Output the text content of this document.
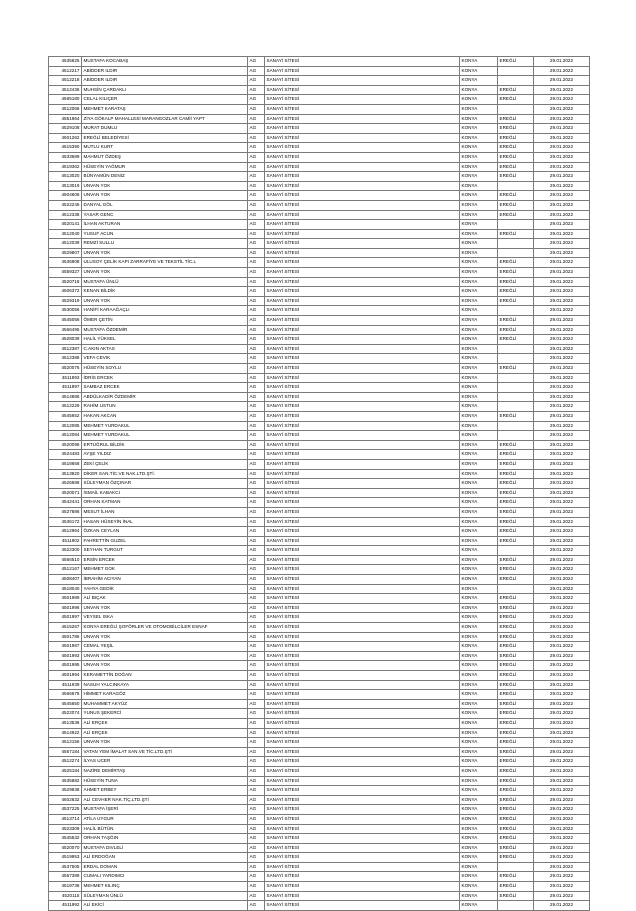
4535825	MUSTAFA KOCABAŞ	AG	SANAYİ SİTESİ	KONYA	EREĞLİ	29.01.2022
4512217	ABİDDER ILDIR	AG	SANAYİ SİTESİ	KONYA		29.01.2022
4512218	ABİDDER ILDIR	AG	SANAYİ SİTESİ	KONYA		29.01.2022
4512436	MUHSİN ÇARDAKLI	AG	SANAYİ SİTESİ	KONYA	EREĞLİ	29.01.2022
4565180	CELAL KILIÇER	AG	SANAYİ SİTESİ	KONYA	EREĞLİ	29.01.2022
4512066	MEHMET KARATAŞ	AG	SANAYİ SİTESİ	KONYA		29.01.2022
4551964	ZİYA GÖKALP MAHALLESİ MARANGOZLAR CAMİİ YAPT	AG	SANAYİ SİTESİ	KONYA	EREĞLİ	29.01.2022
4529108	MURAT DUMLU	AG	SANAYİ SİTESİ	KONYA	EREĞLİ	29.01.2022
4601262	EREĞLİ BELEDİYESİ	AG	SANAYİ SİTESİ	KONYA	EREĞLİ	29.01.2022
4515390	MUTLU KURT	AG	SANAYİ SİTESİ	KONYA	EREĞLİ	29.01.2022
4533689	MAHMUT ÖZDEŞ	AG	SANAYİ SİTESİ	KONYA	EREĞLİ	29.01.2022
4519362	HÜSEYİN YAĞMUR	AG	SANAYİ SİTESİ	KONYA	EREĞLİ	29.01.2022
4513020	BÜNYAMÜN DENİZ	AG	SANAYİ SİTESİ	KONYA	EREĞLİ	29.01.2022
4513019	UNVAN YOK	AG	SANAYİ SİTESİ	KONYA		29.01.2022
4504606	UNVAN YOK	AG	SANAYİ SİTESİ	KONYA	EREĞLİ	29.01.2022
4522245	DANYAL GÖL	AG	SANAYİ SİTESİ	KONYA	EREĞLİ	29.01.2022
4512338	YASAR GENC	AG	SANAYİ SİTESİ	KONYA	EREĞLİ	29.01.2022
4520141	İLHAN AKTURAN	AG	SANAYİ SİTESİ	KONYA		29.01.2022
4512040	YUSUF ACUN	AG	SANAYİ SİTESİ	KONYA	EREĞLİ	29.01.2022
4512039	REMZİ SULLU	AG	SANAYİ SİTESİ	KONYA		29.01.2022
4529807	UNVAN YOK	AG	SANAYİ SİTESİ	KONYA		29.01.2022
4536908	ULUSOY ÇELİK KAPI ZARRAFİYE VE TEKSTİL TİC.L	AG	SANAYİ SİTESİ	KONYA	EREĞLİ	29.01.2022
4559327	UNVAN YOK	AG	SANAYİ SİTESİ	KONYA	EREĞLİ	29.01.2022
4520718	MUSTAFA ÜNLÜ	AG	SANAYİ SİTESİ	KONYA	EREĞLİ	29.01.2022
4506372	KENAN BİLDİK	AG	SANAYİ SİTESİ	KONYA	EREĞLİ	29.01.2022
4529319	UNVAN YOK	AG	SANAYİ SİTESİ	KONYA	EREĞLİ	29.01.2022
4530056	HANİFİ KARAAĞAÇLI	AG	SANAYİ SİTESİ	KONYA		29.01.2022
4545056	ÖMER ÇETİN	AG	SANAYİ SİTESİ	KONYA	EREĞLİ	29.01.2022
4566495	MUSTAFA ÖZDEMİR	AG	SANAYİ SİTESİ	KONYA	EREĞLİ	29.01.2022
4528039	HALİL YÜKSEL	AG	SANAYİ SİTESİ	KONYA	EREĞLİ	29.01.2022
4512387	C.AKIN AKTAS	AG	SANAYİ SİTESİ	KONYA		29.01.2022
4512388	VEFA CEVIK	AG	SANAYİ SİTESİ	KONYA		29.01.2022
4520076	HÜSEYİN SOYLU	AG	SANAYİ SİTESİ	KONYA	EREĞLİ	29.01.2022
4511893	İDRİS ERCEK	AG	SANAYİ SİTESİ	KONYA		29.01.2022
4511897	SAMBAZ ERCEK	AG	SANAYİ SİTESİ	KONYA		29.01.2022
4514886	ABDÜLKADİR ÖZDEMİR	AG	SANAYİ SİTESİ	KONYA		29.01.2022
4512229	RAHİM USTUN	AG	SANAYİ SİTESİ	KONYA		29.01.2022
4545652	HAKAN AKCAN	AG	SANAYİ SİTESİ	KONYA	EREĞLİ	29.01.2022
4512085	MEHMET YURDAKUL	AG	SANAYİ SİTESİ	KONYA		29.01.2022
4512084	MEHMET YURDAKUL	AG	SANAYİ SİTESİ	KONYA		29.01.2022
4520098	ERTUĞRUL BİLDİK	AG	SANAYİ SİTESİ	KONYA	EREĞLİ	29.01.2022
4524483	AYŞE YILDIZ	AG	SANAYİ SİTESİ	KONYA	EREĞLİ	29.01.2022
4518658	ZEKİ ÇELİK	AG	SANAYİ SİTESİ	KONYA	EREĞLİ	29.01.2022
4513820	DİKER SAN.TİC.VE NAK.LTD.ŞTİ.	AG	SANAYİ SİTESİ	KONYA	EREĞLİ	29.01.2022
4526688	SÜLEYMAN ÖZÇINAR	AG	SANAYİ SİTESİ	KONYA	EREĞLİ	29.01.2022
4520071	İSMAİL KABAKCI	AG	SANAYİ SİTESİ	KONYA	EREĞLİ	29.01.2022
4542441	ORHAN KATMAN	AG	SANAYİ SİTESİ	KONYA	EREĞLİ	29.01.2022
4527886	MESUT İLHAN	AG	SANAYİ SİTESİ	KONYA	EREĞLİ	29.01.2022
4536172	HASAN HÜSEYİN İNAL	AG	SANAYİ SİTESİ	KONYA	EREĞLİ	29.01.2022
4512964	ÖZKAN CEYLAN	AG	SANAYİ SİTESİ	KONYA	EREĞLİ	29.01.2022
4511902	FAHRETTİN GUZEL	AG	SANAYİ SİTESİ	KONYA	EREĞLİ	29.01.2022
4522300	SEYHAN TURGUT	AG	SANAYİ SİTESİ	KONYA		29.01.2022
4566510	ERSİN ERCEK	AG	SANAYİ SİTESİ	KONYA	EREĞLİ	29.01.2022
4512167	MEHMET GOK	AG	SANAYİ SİTESİ	KONYA	EREĞLİ	29.01.2022
4508407	İBRAHİM ACIYAN	AG	SANAYİ SİTESİ	KONYA	EREĞLİ	29.01.2022
4518040	YAHYA GEDİK	AG	SANAYİ SİTESİ	KONYA		29.01.2022
4501989	ALİ BIÇAK	AG	SANAYİ SİTESİ	KONYA	EREĞLİ	29.01.2022
4501996	UNVAN YOK	AG	SANAYİ SİTESİ	KONYA	EREĞLİ	29.01.2022
4501997	VEYSEL ISKA	AG	SANAYİ SİTESİ	KONYA	EREĞLİ	29.01.2022
4515267	KONYA EREĞLİ ŞOFÖRLER VE OTOMOBİLCİLER ESNAF	AG	SANAYİ SİTESİ	KONYA	EREĞLİ	29.01.2022
4501786	UNVAN YOK	AG	SANAYİ SİTESİ	KONYA	EREĞLİ	29.01.2022
4501987	CEMAL YEŞİL	AG	SANAYİ SİTESİ	KONYA	EREĞLİ	29.01.2022
4501993	UNVAN YOK	AG	SANAYİ SİTESİ	KONYA	EREĞLİ	29.01.2022
4501995	UNVAN YOK	AG	SANAYİ SİTESİ	KONYA	EREĞLİ	29.01.2022
4501994	KERAMETTİN DOĞAN	AG	SANAYİ SİTESİ	KONYA	EREĞLİ	29.01.2022
4511939	NASUH YALCINKAYA	AG	SANAYİ SİTESİ	KONYA	EREĞLİ	29.01.2022
4566675	HİMMET KARAGÖZ	AG	SANAYİ SİTESİ	KONYA	EREĞLİ	29.01.2022
4545650	MUHAMMET AKYÜZ	AG	SANAYİ SİTESİ	KONYA	EREĞLİ	29.01.2022
4522074	YUNUS ŞEKERCİ	AG	SANAYİ SİTESİ	KONYA	EREĞLİ	29.01.2022
4513536	ALİ ERÇEK	AG	SANAYİ SİTESİ	KONYA	EREĞLİ	29.01.2022
4514922	ALİ ERÇEK	AG	SANAYİ SİTESİ	KONYA	EREĞLİ	29.01.2022
4512156	UNVAN YOK	AG	SANAYİ SİTESİ	KONYA	EREĞLİ	29.01.2022
4567184	VATAN YEM İMALAT SAN.VE TİC.LTD.ŞTİ	AG	SANAYİ SİTESİ	KONYA	EREĞLİ	29.01.2022
4512274	İLYAS UCER	AG	SANAYİ SİTESİ	KONYA	EREĞLİ	29.01.2022
4525184	NAZİRE DEMİRTAŞ	AG	SANAYİ SİTESİ	KONYA	EREĞLİ	29.01.2022
4535882	HÜSEYİN TUNA	AG	SANAYİ SİTESİ	KONYA	EREĞLİ	29.01.2022
4529838	AHMET ERBEY	AG	SANAYİ SİTESİ	KONYA	EREĞLİ	29.01.2022
4602632	ALİ CEVHER NAK.TİÇ.LTD.ŞTİ	AG	SANAYİ SİTESİ	KONYA	EREĞLİ	29.01.2022
4537225	MUSTAFA İŞERİ	AG	SANAYİ SİTESİ	KONYA	EREĞLİ	29.01.2022
4513714	ATİLA UYGUR	AG	SANAYİ SİTESİ	KONYA	EREĞLİ	29.01.2022
4523309	HALİL BÜTÜN	AG	SANAYİ SİTESİ	KONYA	EREĞLİ	29.01.2022
4545532	ORHAN TAŞĞIN	AG	SANAYİ SİTESİ	KONYA	EREĞLİ	29.01.2022
4520070	MUSTAFA DIVLELİ	AG	SANAYİ SİTESİ	KONYA	EREĞLİ	29.01.2022
4519953	ALİ ERDOĞAN	AG	SANAYİ SİTESİ	KONYA	EREĞLİ	29.01.2022
4537505	ERDAL DOMAN	AG	SANAYİ SİTESİ	KONYA		29.01.2022
4557389	CUMALI YARDIMCI	AG	SANAYİ SİTESİ	KONYA	EREĞLİ	29.01.2022
4519738	MEHMET KILINÇ	AG	SANAYİ SİTESİ	KONYA	EREĞLİ	29.01.2022
4520115	SÜLEYMAN ÜNLÜ	AG	SANAYİ SİTESİ	KONYA	EREĞLİ	29.01.2022
4511992	ALİ EKİCİ	AG	SANAYİ SİTESİ	KONYA		29.01.2022
